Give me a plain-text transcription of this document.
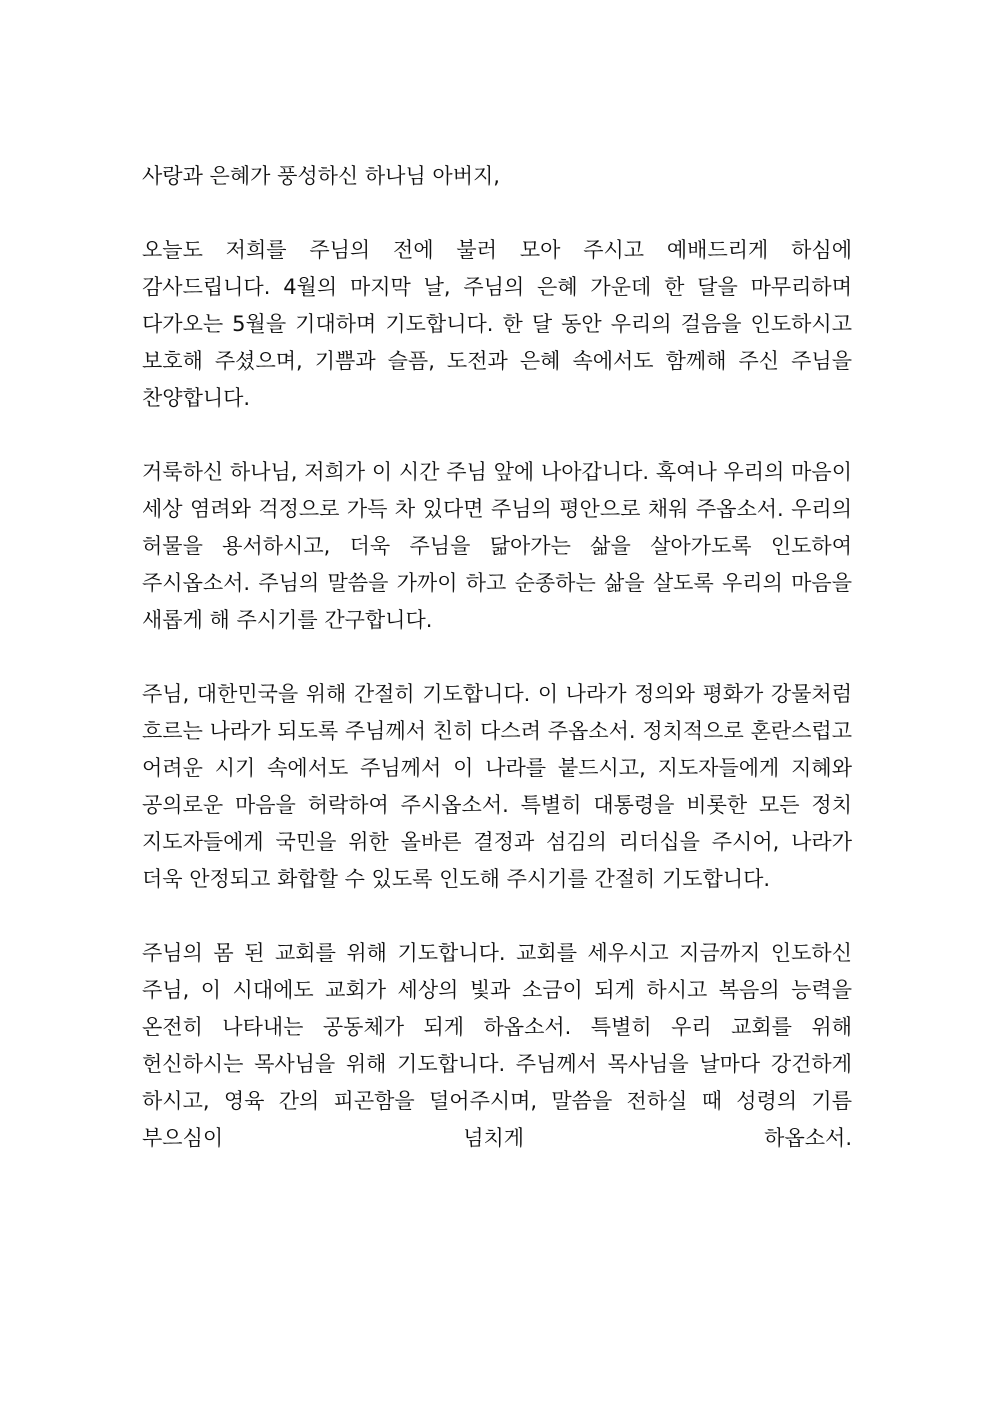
사랑과 은혜가 풍성하신 하나님 아버지,

오늘도 저희를 주님의 전에 불러 모아 주시고 예배드리게 하심에 감사드립니다. 4월의 마지막 날, 주님의 은혜 가운데 한 달을 마무리하며 다가오는 5월을 기대하며 기도합니다. 한 달 동안 우리의 걸음을 인도하시고 보호해 주셨으며, 기쁨과 슬픔, 도전과 은혜 속에서도 함께해 주신 주님을 찬양합니다.

거룩하신 하나님, 저희가 이 시간 주님 앞에 나아갑니다. 혹여나 우리의 마음이 세상 염려와 걱정으로 가득 차 있다면 주님의 평안으로 채워 주옵소서. 우리의 허물을 용서하시고, 더욱 주님을 닮아가는 삶을 살아가도록 인도하여 주시옵소서. 주님의 말씀을 가까이 하고 순종하는 삶을 살도록 우리의 마음을 새롭게 해 주시기를 간구합니다.

주님, 대한민국을 위해 간절히 기도합니다. 이 나라가 정의와 평화가 강물처럼 흐르는 나라가 되도록 주님께서 친히 다스려 주옵소서. 정치적으로 혼란스럽고 어려운 시기 속에서도 주님께서 이 나라를 붙드시고, 지도자들에게 지혜와 공의로운 마음을 허락하여 주시옵소서. 특별히 대통령을 비롯한 모든 정치 지도자들에게 국민을 위한 올바른 결정과 섬김의 리더십을 주시어, 나라가 더욱 안정되고 화합할 수 있도록 인도해 주시기를 간절히 기도합니다.

주님의 몸 된 교회를 위해 기도합니다. 교회를 세우시고 지금까지 인도하신 주님, 이 시대에도 교회가 세상의 빛과 소금이 되게 하시고 복음의 능력을 온전히 나타내는 공동체가 되게 하옵소서. 특별히 우리 교회를 위해 헌신하시는 목사님을 위해 기도합니다. 주님께서 목사님을 날마다 강건하게 하시고, 영육 간의 피곤함을 덜어주시며, 말씀을 전하실 때 성령의 기름 부으심이 넘치게 하옵소서.
